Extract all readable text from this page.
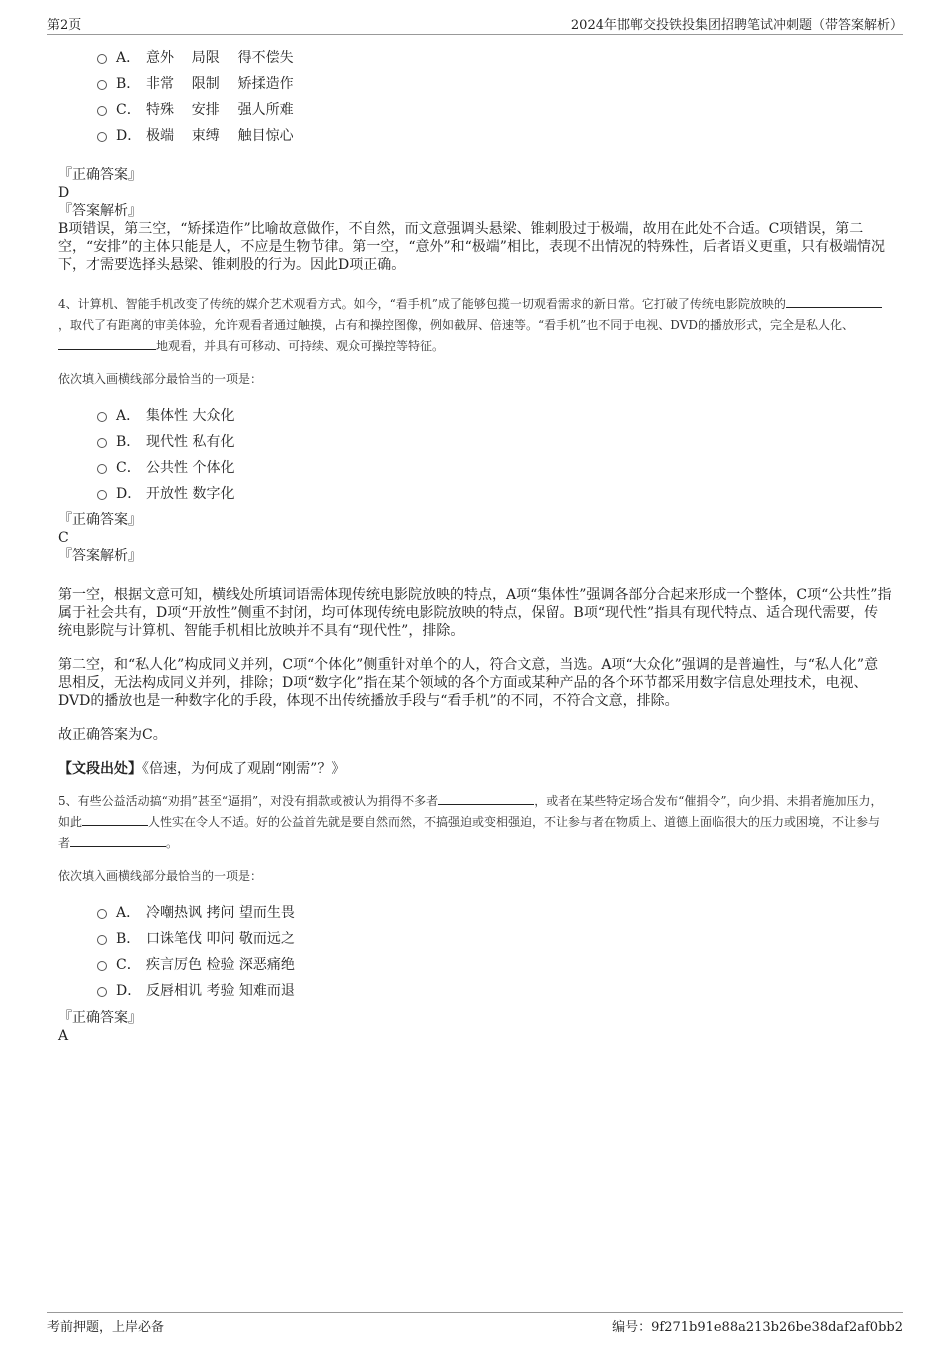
第2页	2024年邯郸交投铁投集团招聘笔试冲刺题（带答案解析）
A． 意外    局限    得不偿失
B． 非常    限制    矫揉造作
C． 特殊    安排    强人所难
D． 极端    束缚    触目惊心
『正确答案』
D
『答案解析』
B项错误，第三空，“矫揉造作”比喻故意做作，不自然，而文意强调头悬梁、锥刺股过于极端，故用在此处不合适。C项错误，第二空，“安排”的主体只能是人，不应是生物节律。第一空，“意外”和“极端”相比，表现不出情况的特殊性，后者语义更重，只有极端情况下，才需要选择头悬梁、锥刺股的行为。因此D项正确。
4、计算机、智能手机改变了传统的媒介艺术观看方式。如今，“看手机”成了能够包揽一切观看需求的新日常。它打破了传统电影院放映的，取代了有距离的审美体验，允许观看者通过触摸，占有和操控图像，例如截屏、倍速等。“看手机”也不同于电视、DVD的播放形式，完全是私人化、地观看，并具有可移动、可持续、观众可操控等特征。
依次填入画横线部分最恰当的一项是：
A． 集体性 大众化
B． 现代性 私有化
C． 公共性 个体化
D． 开放性 数字化
『正确答案』
C
『答案解析』
第一空，根据文意可知，横线处所填词语需体现传统电影院放映的特点，A项“集体性”强调各部分合起来形成一个整体，C项“公共性”指属于社会共有，D项“开放性”侧重不封闭，均可体现传统电影院放映的特点，保留。B项“现代性”指具有现代特点、适合现代需要，传统电影院与计算机、智能手机相比放映并不具有“现代性”，排除。
第二空，和“私人化”构成同义并列，C项“个体化”侧重针对单个的人，符合文意，当选。A项“大众化”强调的是普遍性，与“私人化”意思相反，无法构成同义并列，排除；D项“数字化”指在某个领域的各个方面或某种产品的各个环节都采用数字信息处理技术，电视、DVD的播放也是一种数字化的手段，体现不出传统播放手段与“看手机”的不同，不符合文意，排除。
故正确答案为C。
【文段出处】《倍速，为何成了观剧“刚需”？》
5、有些公益活动搞“劝捐”甚至“逼捐”，对没有捐款或被认为捐得不多者	，或者在某些特定场合发布“催捐令”，向少捐、未捐者施加压力，如此	人性实在令人不适。好的公益首先就是要自然而然，不搞强迫或变相强迫，不让参与者在物质上、道德上面临很大的压力或困境，不让参与者	。
依次填入画横线部分最恰当的一项是：
A． 冷嘲热讽 拷问 望而生畏
B． 口诛笔伐 叩问 敬而远之
C． 疾言厉色 检验 深恶痛绝
D． 反唇相讥 考验 知难而退
『正确答案』
A
考前押题，上岸必备	编号：9f271b91e88a213b26be38daf2af0bb2
